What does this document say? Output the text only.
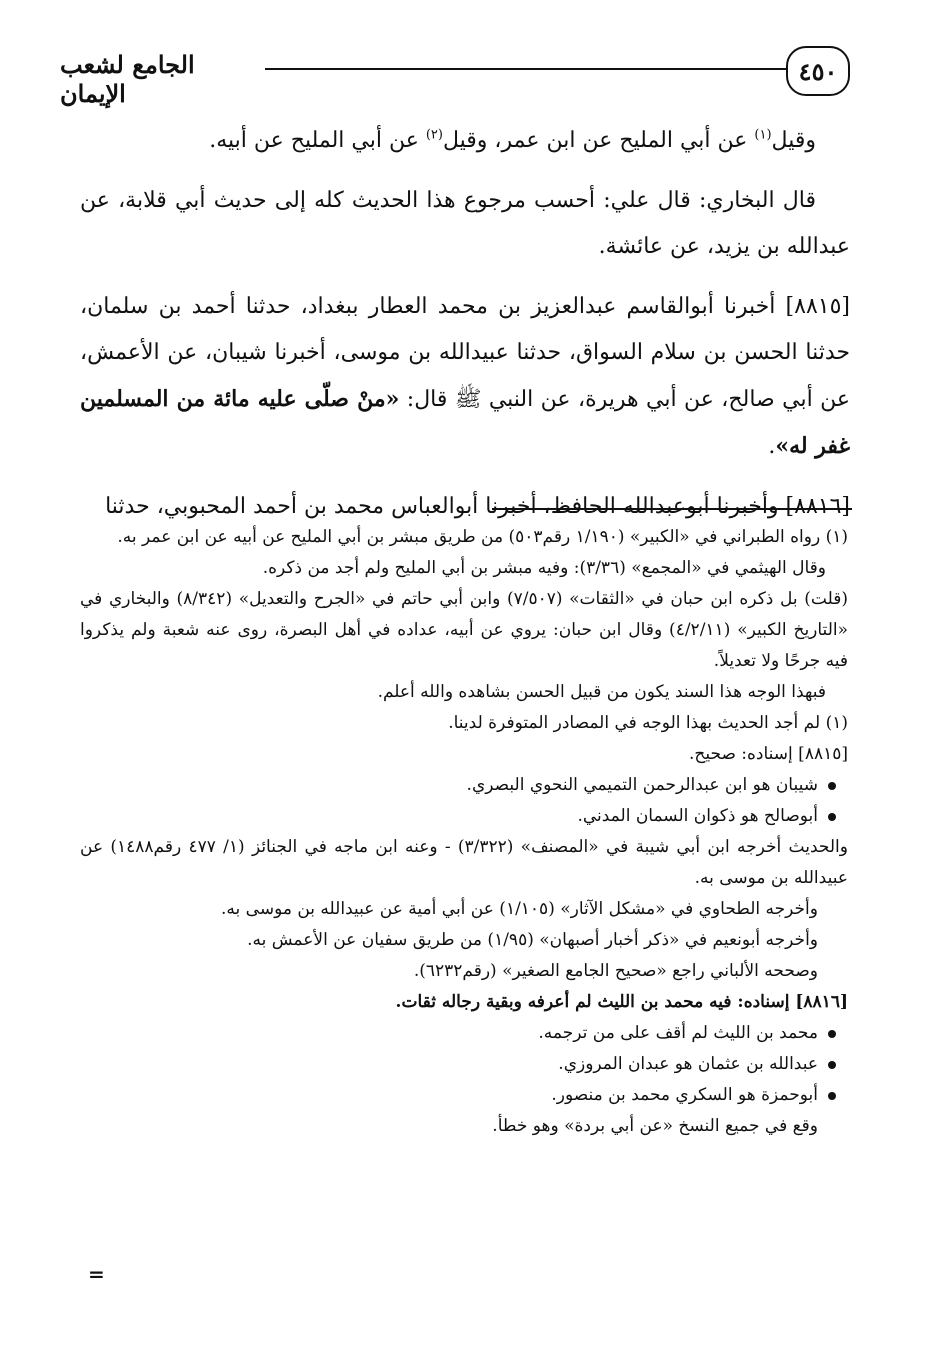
٤٥٠
الجامع لشعب الإيمان

وقيل$^{(١)}$ عن أبي المليح عن ابن عمر، وقيل$^{(٢)}$ عن أبي المليح عن أبيه.

قال البخاري: قال علي: أحسب مرجوع هذا الحديث كله إلى حديث أبي قلابة، عن عبدالله بن يزيد، عن عائشة.

[٨٨١٥] أخبرنا أبوالقاسم عبدالعزيز بن محمد العطار ببغداد، حدثنا أحمد بن سلمان، حدثنا الحسن بن سلام السواق، حدثنا عبيدالله بن موسى، أخبرنا شيبان، عن الأعمش، عن أبي صالح، عن أبي هريرة، عن النبي ﷺ قال: «منْ صلّى عليه مائة من المسلمين غفر له».

[٨٨١٦] وأخبرنا أبوعبدالله الحافظ، أخبرنا أبوالعباس محمد بن أحمد المحبوبي، حدثنا

(١) رواه الطبراني في «الكبير» (١/١٩٠ رقم٥٠٣) من طريق مبشر بن أبي المليح عن أبيه عن ابن عمر به.

وقال الهيثمي في «المجمع» (٣/٣٦): وفيه مبشر بن أبي المليح ولم أجد من ذكره.

(قلت) بل ذكره ابن حبان في «الثقات» (٧/٥٠٧) وابن أبي حاتم في «الجرح والتعديل» (٨/٣٤٢) والبخاري في «التاريخ الكبير» (٤/٢/١١) وقال ابن حبان: يروي عن أبيه، عداده في أهل البصرة، روى عنه شعبة ولم يذكروا فيه جرحًا ولا تعديلاً.

فبهذا الوجه هذا السند يكون من قبيل الحسن بشاهده والله أعلم.

(١) لم أجد الحديث بهذا الوجه في المصادر المتوفرة لدينا.

[٨٨١٥] إسناده: صحيح.

شيبان هو ابن عبدالرحمن التميمي النحوي البصري.
أبوصالح هو ذكوان السمان المدني.

والحديث أخرجه ابن أبي شيبة في «المصنف» (٣/٣٢٢) - وعنه ابن ماجه في الجنائز (١/ ٤٧٧ رقم١٤٨٨) عن عبيدالله بن موسى به.

وأخرجه الطحاوي في «مشكل الآثار» (١/١٠٥) عن أبي أمية عن عبيدالله بن موسى به.

وأخرجه أبونعيم في «ذكر أخبار أصبهان» (١/٩٥) من طريق سفيان عن الأعمش به.

وصححه الألباني راجع «صحيح الجامع الصغير» (رقم٦٢٣٢).

[٨٨١٦] إسناده: فيه محمد بن الليث لم أعرفه وبقية رجاله ثقات.

محمد بن الليث لم أقف على من ترجمه.
عبدالله بن عثمان هو عبدان المروزي.
أبوحمزة هو السكري محمد بن منصور.

وقع في جميع النسخ «عن أبي بردة» وهو خطأ.

=
